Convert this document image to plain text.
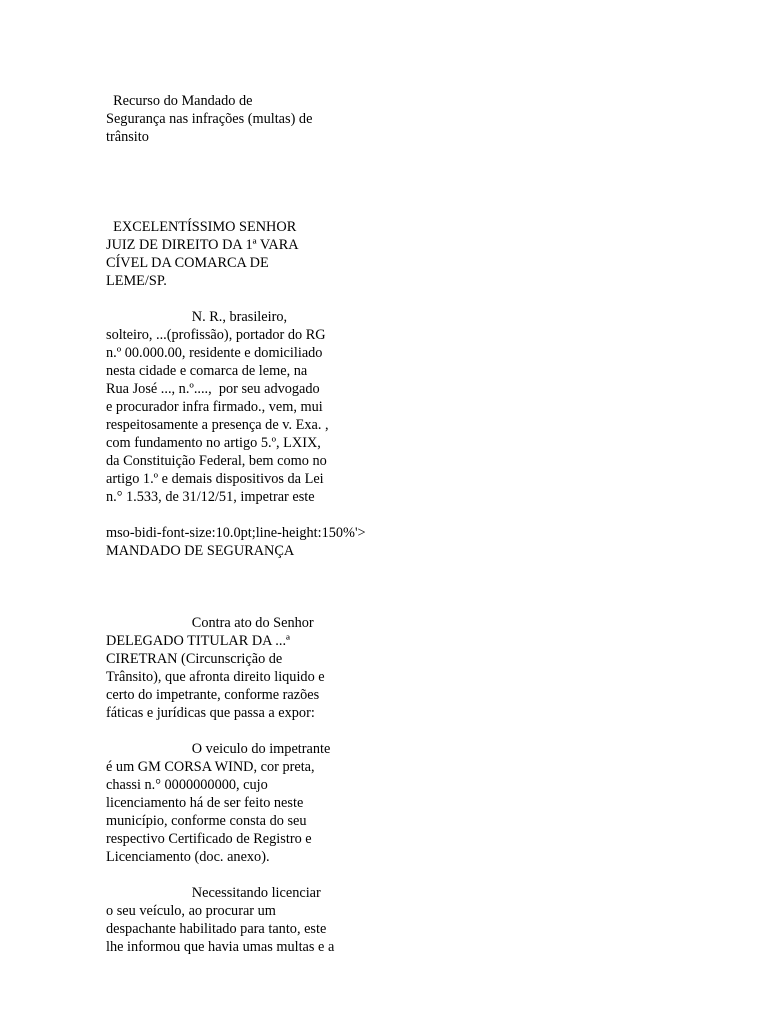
Recurso do Mandado de
Segurança nas infrações (multas) de
trânsito
EXCELENTÍSSIMO SENHOR
JUIZ DE DIREITO DA 1ª VARA
CÍVEL DA COMARCA DE
LEME/SP.
N. R., brasileiro,
solteiro, ...(profissão), portador do RG
n.º 00.000.00, residente e domiciliado
nesta cidade e comarca de leme, na
Rua José ..., n.º....,  por seu advogado
e procurador infra firmado., vem, mui
respeitosamente a presença de v. Exa. ,
com fundamento no artigo 5.º, LXIX,
da Constituição Federal, bem como no
artigo 1.º e demais dispositivos da Lei
n.° 1.533, de 31/12/51, impetrar este
mso-bidi-font-size:10.0pt;line-height:150%'>
MANDADO DE SEGURANÇA
Contra ato do Senhor
DELEGADO TITULAR DA ...ª
CIRETRAN (Circunscrição de
Trânsito), que afronta direito liquido e
certo do impetrante, conforme razões
fáticas e jurídicas que passa a expor:
O veiculo do impetrante
é um GM CORSA WIND, cor preta,
chassi n.° 0000000000, cujo
licenciamento há de ser feito neste
município, conforme consta do seu
respectivo Certificado de Registro e
Licenciamento (doc. anexo).
Necessitando licenciar
o seu veículo, ao procurar um
despachante habilitado para tanto, este
lhe informou que havia umas multas e a
